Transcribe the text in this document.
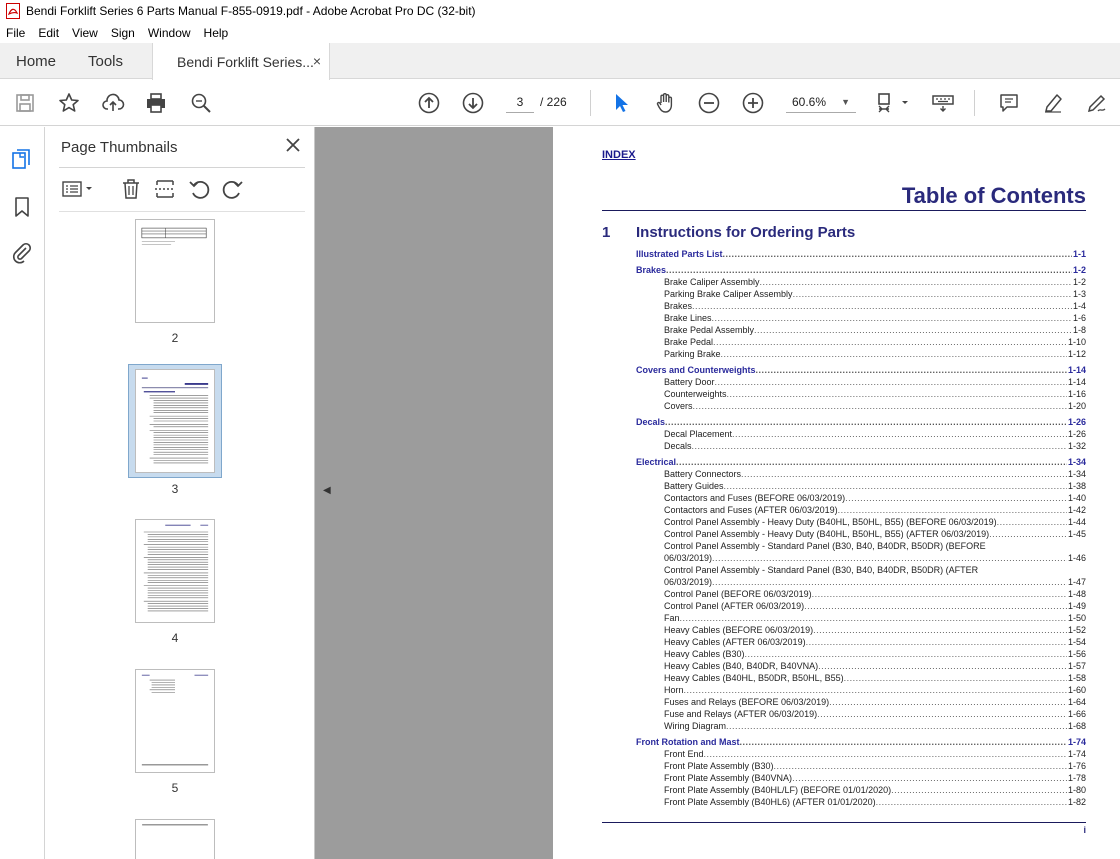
Bendi Forklift Series 6 Parts Manual F-855-0919.pdf - Adobe Acrobat Pro DC (32-bit)
File Edit View Sign Window Help
Home Tools	Bendi Forklift Series...
×
3	/ 226	60.6% ▼
Page Thumbnails
2
3
4
5
◀
INDEX
Table of Contents
1 Instructions for Ordering Parts
Illustrated Parts List .....	1-1
Brakes .....	1-2
Brake Caliper Assembly .....	1-2
Parking Brake Caliper Assembly .....	1-3
Brakes .....	1-4
Brake Lines .....	1-6
Brake Pedal Assembly .....	1-8
Brake Pedal .....	1-10
Parking Brake .....	1-12
Covers and Counterweights .....	1-14
Battery Door .....	1-14
Counterweights .....	1-16
Covers .....	1-20
Decals .....	1-26
Decal Placement .....	1-26
Decals .....	1-32
Electrical .....	1-34
Battery Connectors .....	1-34
Battery Guides .....	1-38
Contactors and Fuses (BEFORE 06/03/2019) .....	1-40
Contactors and Fuses (AFTER 06/03/2019) .....	1-42
Control Panel Assembly - Heavy Duty (B40HL, B50HL, B55) (BEFORE 06/03/2019) .....	1-44
Control Panel Assembly - Heavy Duty (B40HL, B50HL, B55) (AFTER 06/03/2019) .....	1-45
Control Panel Assembly - Standard Panel (B30, B40, B40DR, B50DR) (BEFORE
06/03/2019) .....	1-46
Control Panel Assembly - Standard Panel (B30, B40, B40DR, B50DR) (AFTER
06/03/2019) .....	1-47
Control Panel (BEFORE 06/03/2019) .....	1-48
Control Panel (AFTER 06/03/2019) .....	1-49
Fan .....	1-50
Heavy Cables (BEFORE 06/03/2019) .....	1-52
Heavy Cables (AFTER 06/03/2019) .....	1-54
Heavy Cables (B30) .....	1-56
Heavy Cables (B40, B40DR, B40VNA) .....	1-57
Heavy Cables (B40HL, B50DR, B50HL, B55) .....	1-58
Horn .....	1-60
Fuses and Relays (BEFORE 06/03/2019) .....	1-64
Fuse and Relays (AFTER 06/03/2019) .....	1-66
Wiring Diagram .....	1-68
Front Rotation and Mast .....	1-74
Front End .....	1-74
Front Plate Assembly (B30) .....	1-76
Front Plate Assembly (B40VNA) .....	1-78
Front Plate Assembly (B40HL/LF) (BEFORE 01/01/2020) .....	1-80
Front Plate Assembly (B40HL6) (AFTER 01/01/2020) .....	1-82
i
